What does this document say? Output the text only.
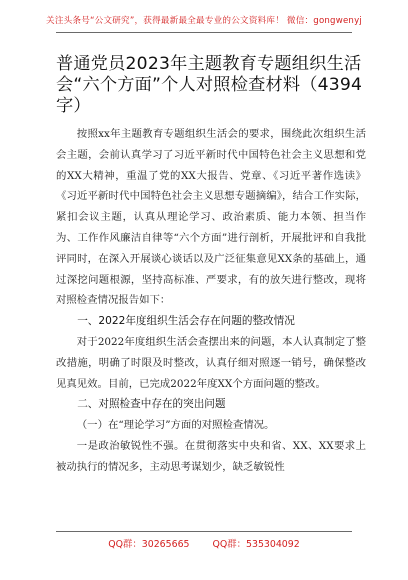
关注头条号“公文研究”，获得最新最全最专业的公文资料库！ 微信：gongwenyj
普通党员2023年主题教育专题组织生活会“六个方面”个人对照检查材料（4394字）

按照xx年主题教育专题组织生活会的要求，围绕此次组织生活会主题，会前认真学习了习近平新时代中国特色社会主义思想和党的XX大精神，重温了党的XX大报告、党章、《习近平著作选读》《习近平新时代中国特色社会主义思想专题摘编》，结合工作实际，紧扣会议主题，认真从理论学习、政治素质、能力本领、担当作为、工作作风廉洁自律等“六个方面”进行剖析，开展批评和自我批评同时，在深入开展谈心谈话以及广泛征集意见XX条的基础上，通过深挖问题根源，坚持高标准、严要求，有的放矢进行整改，现将对照检查情况报告如下：

一、2022年度组织生活会存在问题的整改情况

对于2022年度组织生活会查摆出来的问题，本人认真制定了整改措施，明确了时限及时整改，认真仔细对照逐一销号，确保整改见真见效。目前，已完成2022年度XX个方面问题的整改。

二、对照检查中存在的突出问题

（一）在“理论学习”方面的对照检查情况。

一是政治敏锐性不强。在贯彻落实中央和省、XX、XX要求上被动执行的情况多，主动思考谋划少，缺乏敏锐性

QQ群：30265665 QQ群：535304092
